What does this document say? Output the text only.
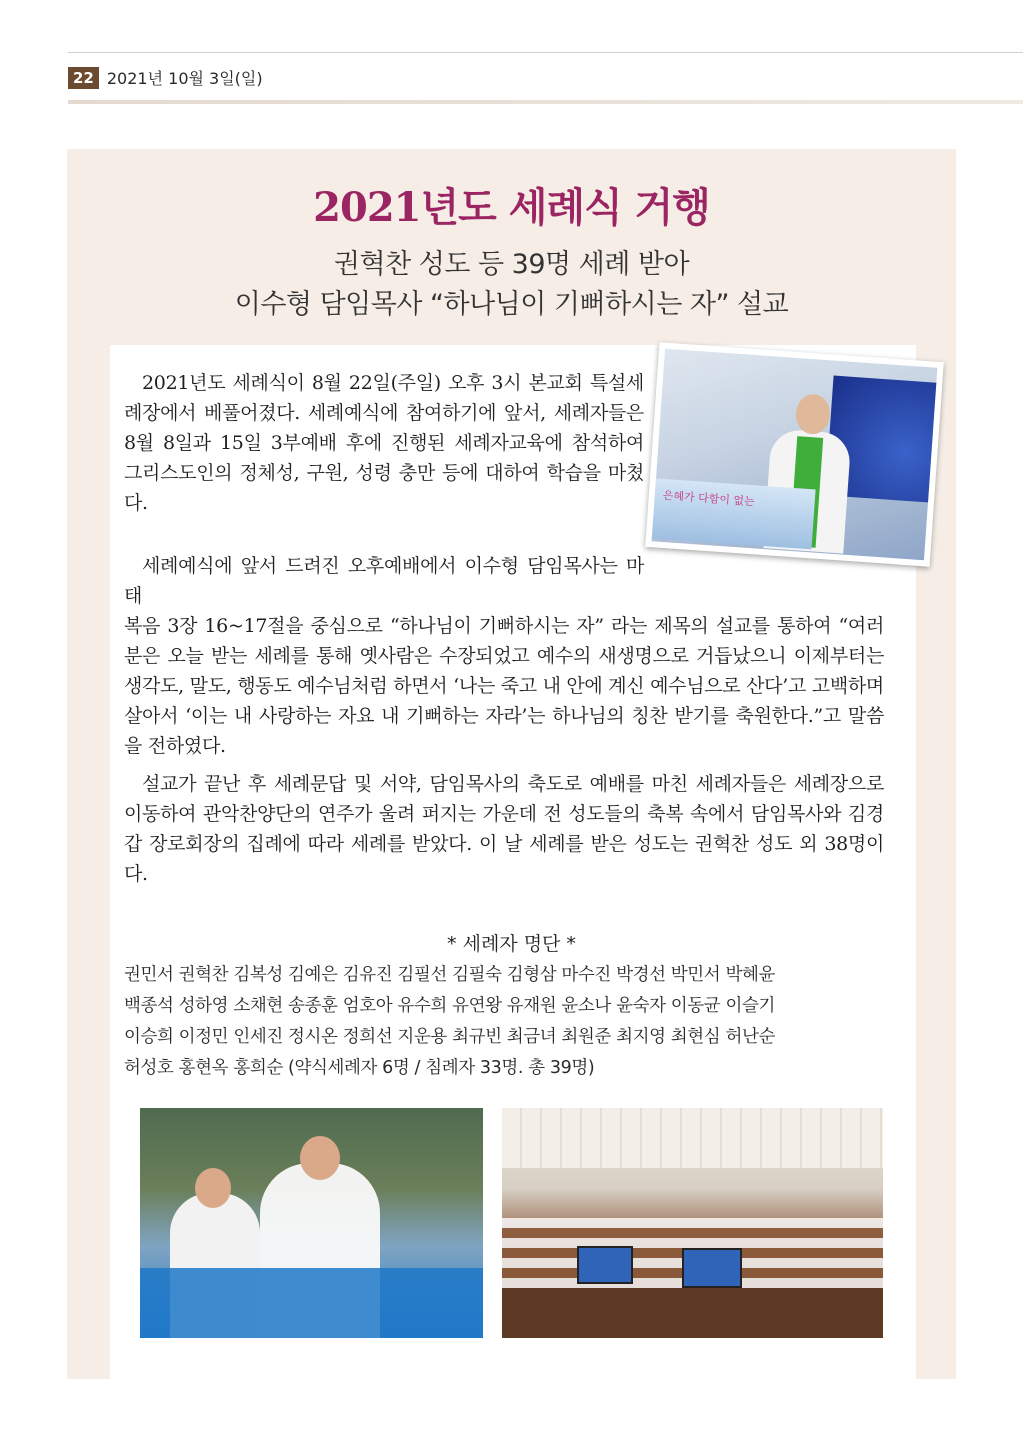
22 2021년 10월 3일(일)
2021년도 세례식 거행
권혁찬 성도 등 39명 세례 받아
이수형 담임목사 “하나님이 기뻐하시는 자” 설교
은혜가 다함이 없는
2021년도 세례식이 8월 22일(주일) 오후 3시 본교회 특설세례장에서 베풀어졌다. 세례예식에 참여하기에 앞서, 세례자들은 8월 8일과 15일 3부예배 후에 진행된 세례자교육에 참석하여 그리스도인의 정체성, 구원, 성령 충만 등에 대하여 학습을 마쳤다.

세례예식에 앞서 드려진 오후예배에서 이수형 담임목사는 마태

복음 3장 16~17절을 중심으로 “하나님이 기뻐하시는 자” 라는 제목의 설교를 통하여 “여러분은 오늘 받는 세례를 통해 옛사람은 수장되었고 예수의 새생명으로 거듭났으니 이제부터는 생각도, 말도, 행동도 예수님처럼 하면서 ‘나는 죽고 내 안에 계신 예수님으로 산다’고 고백하며 살아서 ‘이는 내 사랑하는 자요 내 기뻐하는 자라’는 하나님의 칭찬 받기를 축원한다.”고 말씀을 전하였다.

설교가 끝난 후 세례문답 및 서약, 담임목사의 축도로 예배를 마친 세례자들은 세례장으로 이동하여 관악찬양단의 연주가 울려 퍼지는 가운데 전 성도들의 축복 속에서 담임목사와 김경갑 장로회장의 집례에 따라 세례를 받았다. 이 날 세례를 받은 성도는 권혁찬 성도 외 38명이다.
* 세례자 명단 *

권민서 권혁찬 김복성 김예은 김유진 김필선 김필숙 김형삼 마수진 박경선 박민서 박혜윤

백종석 성하영 소채현 송종훈 엄호아 유수희 유연왕 유재원 윤소나 윤숙자 이동균 이슬기

이승희 이정민 인세진 정시온 정희선 지운용 최규빈 최금녀 최원준 최지영 최현심 허난순

허성호 홍현옥 홍희순 (약식세례자 6명 / 침례자 33명. 총 39명)
